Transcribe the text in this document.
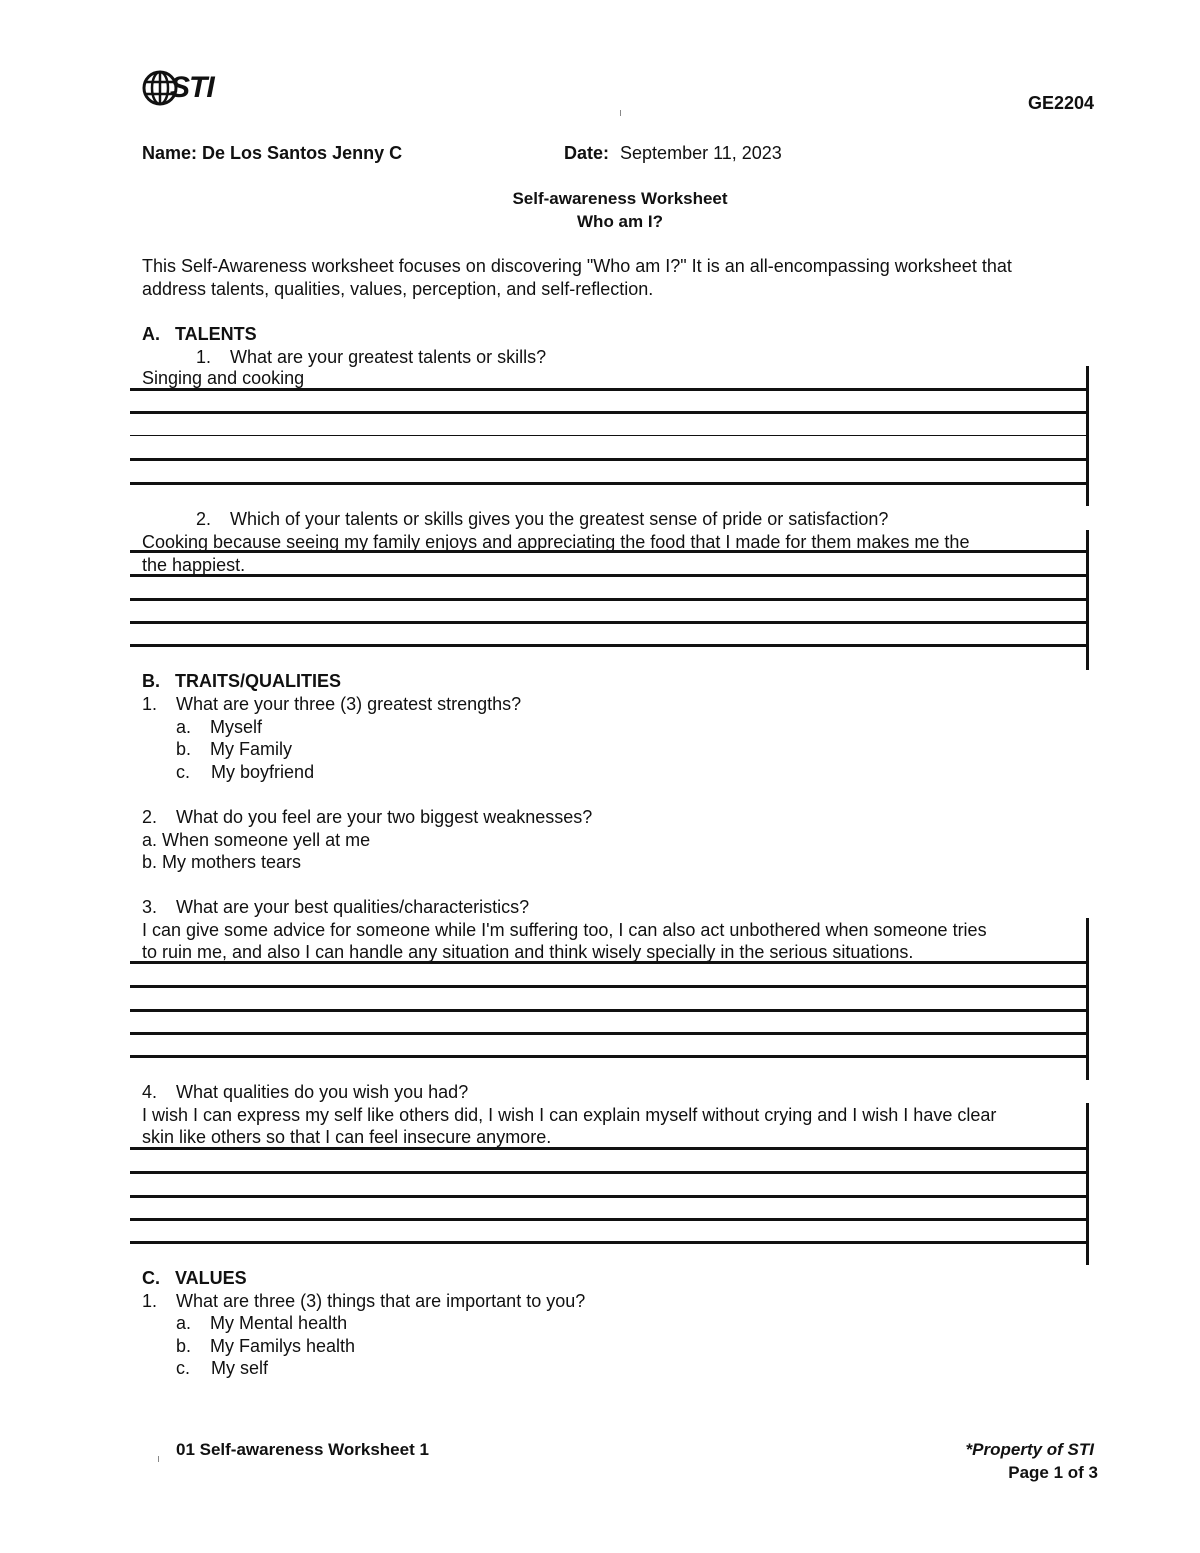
STI	GE2204
Name: De Los Santos Jenny C	Date: September 11, 2023
Self-awareness Worksheet
Who am I?
This Self-Awareness worksheet focuses on discovering "Who am I?" It is an all-encompassing worksheet that
address talents, qualities, values, perception, and self-reflection.
A.   TALENTS
1. What are your greatest talents or skills?
Singing and cooking
2. Which of your talents or skills gives you the greatest sense of pride or satisfaction?
Cooking because seeing my family enjoys and appreciating the food that I made for them makes me the
the happiest.
B.   TRAITS/QUALITIES
1. What are your three (3) greatest strengths?
a. Myself
b. My Family
c. My boyfriend
2. What do you feel are your two biggest weaknesses?
a. When someone yell at me
b. My mothers tears
3. What are your best qualities/characteristics?
I can give some advice for someone while I'm suffering too, I can also act unbothered when someone tries
to ruin me, and also I can handle any situation and think wisely specially in the serious situations.
4. What qualities do you wish you had?
I wish I can express my self like others did, I wish I can explain myself without crying and I wish I have clear
skin like others so that I can feel insecure anymore.
C.   VALUES
1. What are three (3) things that are important to you?
a. My Mental health
b. My Familys health
c. My self
01 Self-awareness Worksheet 1	*Property of STI
Page 1 of 3
